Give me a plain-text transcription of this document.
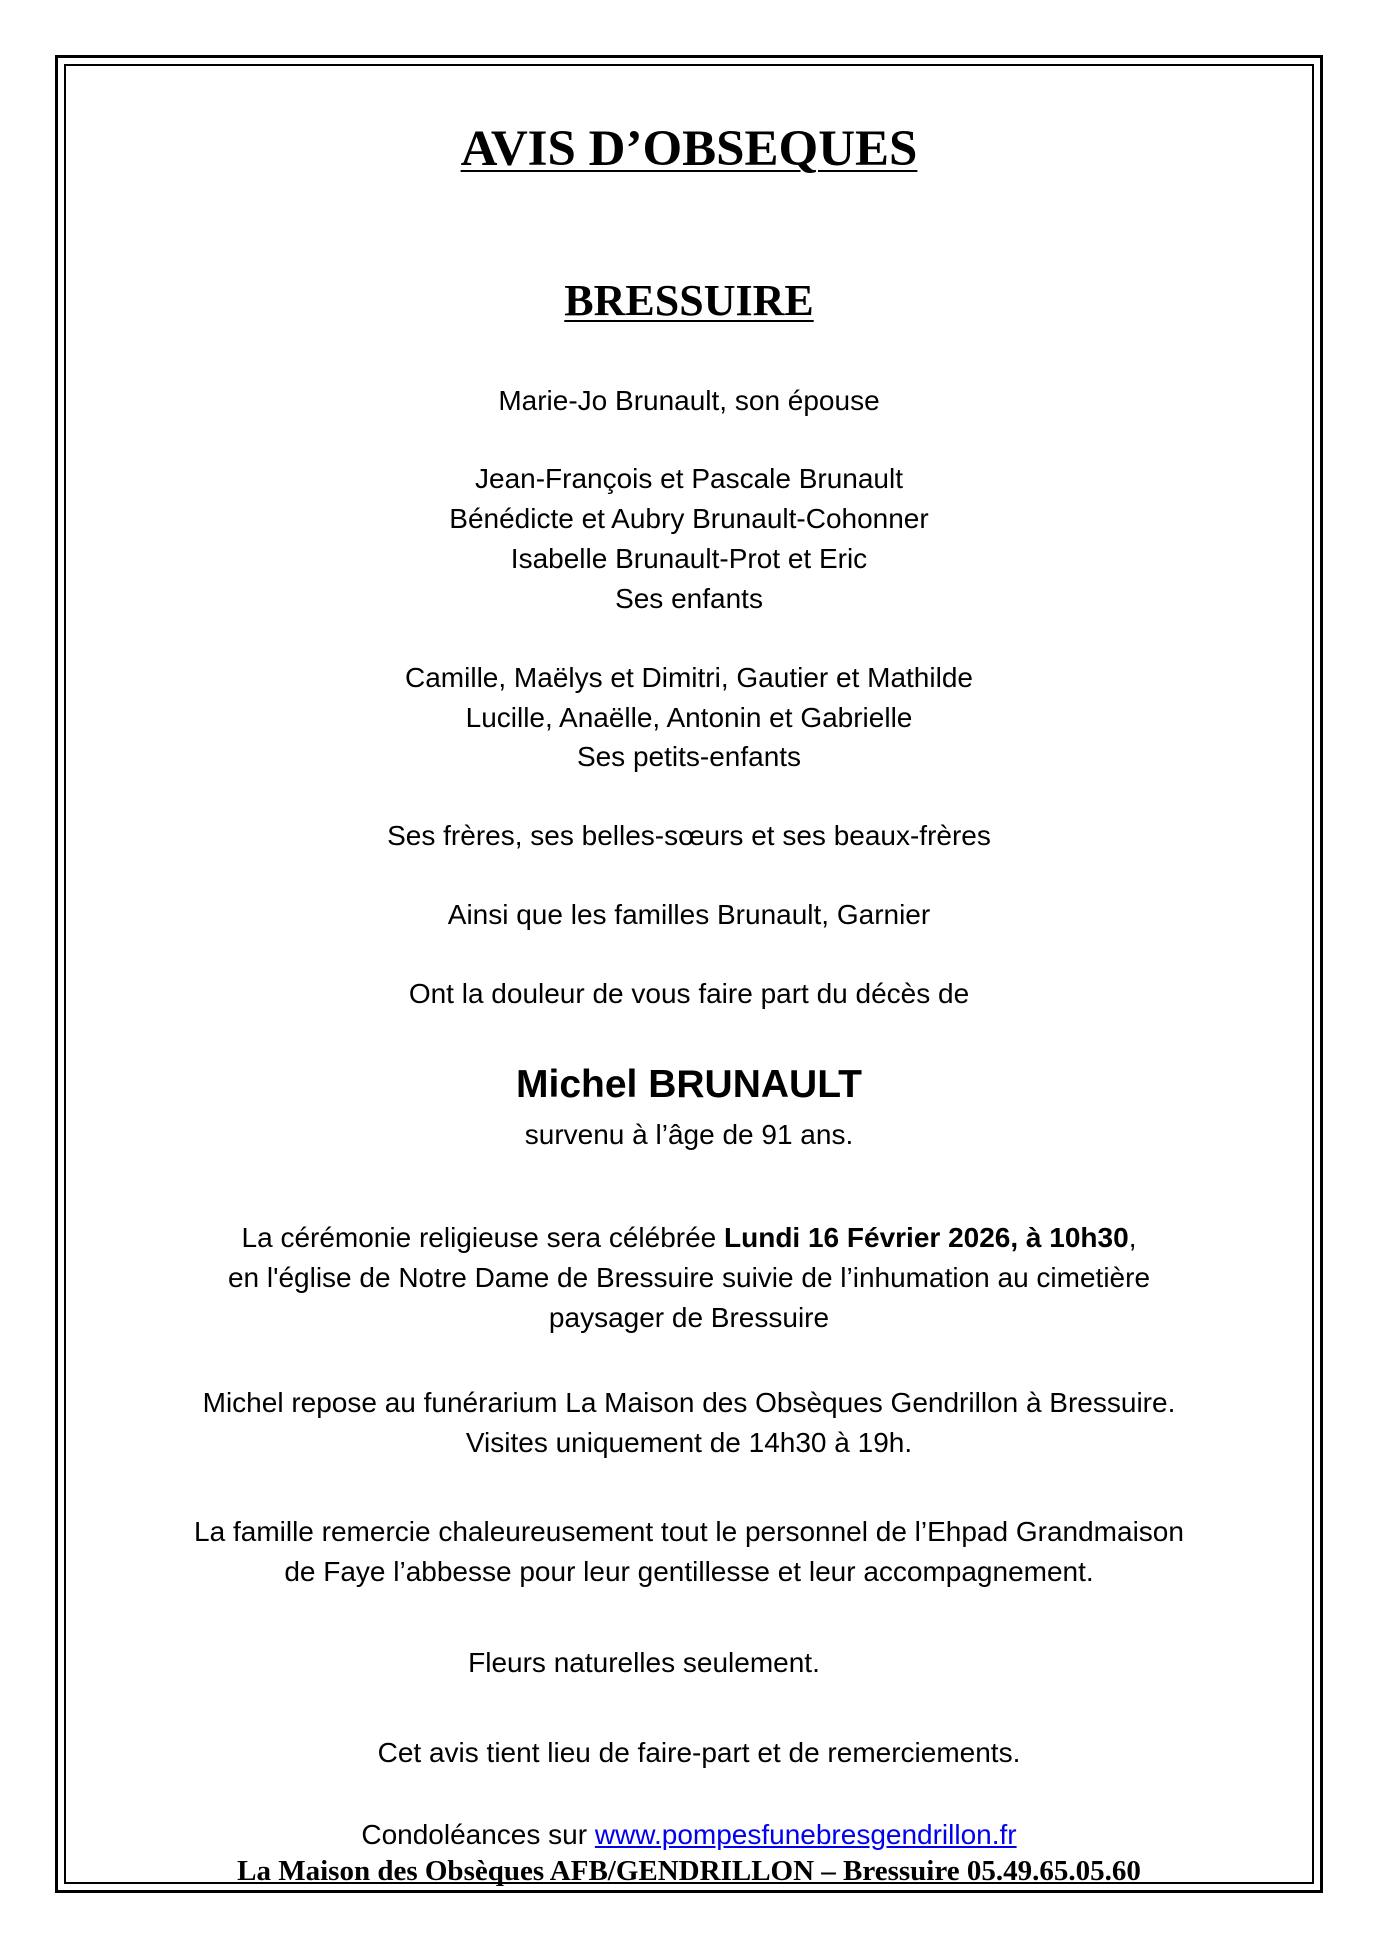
AVIS D’OBSEQUES
BRESSUIRE

Marie-Jo Brunault, son épouse

Jean-François et Pascale Brunault

Bénédicte et Aubry Brunault-Cohonner

Isabelle Brunault-Prot et Eric

Ses enfants

Camille, Maëlys et Dimitri, Gautier et Mathilde

Lucille, Anaëlle, Antonin et Gabrielle

Ses petits-enfants

Ses frères, ses belles-sœurs et ses beaux-frères

Ainsi que les familles Brunault, Garnier

Ont la douleur de vous faire part du décès de

Michel BRUNAULT

survenu à l’âge de 91 ans.

La cérémonie religieuse sera célébrée Lundi 16 Février 2026, à 10h30,

en l'église de Notre Dame de Bressuire suivie de l’inhumation au cimetière

paysager de Bressuire

Michel repose au funérarium La Maison des Obsèques Gendrillon à Bressuire.

Visites uniquement de 14h30 à 19h.

La famille remercie chaleureusement tout le personnel de l’Ehpad Grandmaison

de Faye l’abbesse pour leur gentillesse et leur accompagnement.

Fleurs naturelles seulement.

Cet avis tient lieu de faire-part et de remerciements.

Condoléances sur www.pompesfunebresgendrillon.fr

La Maison des Obsèques AFB/GENDRILLON – Bressuire 05.49.65.05.60
